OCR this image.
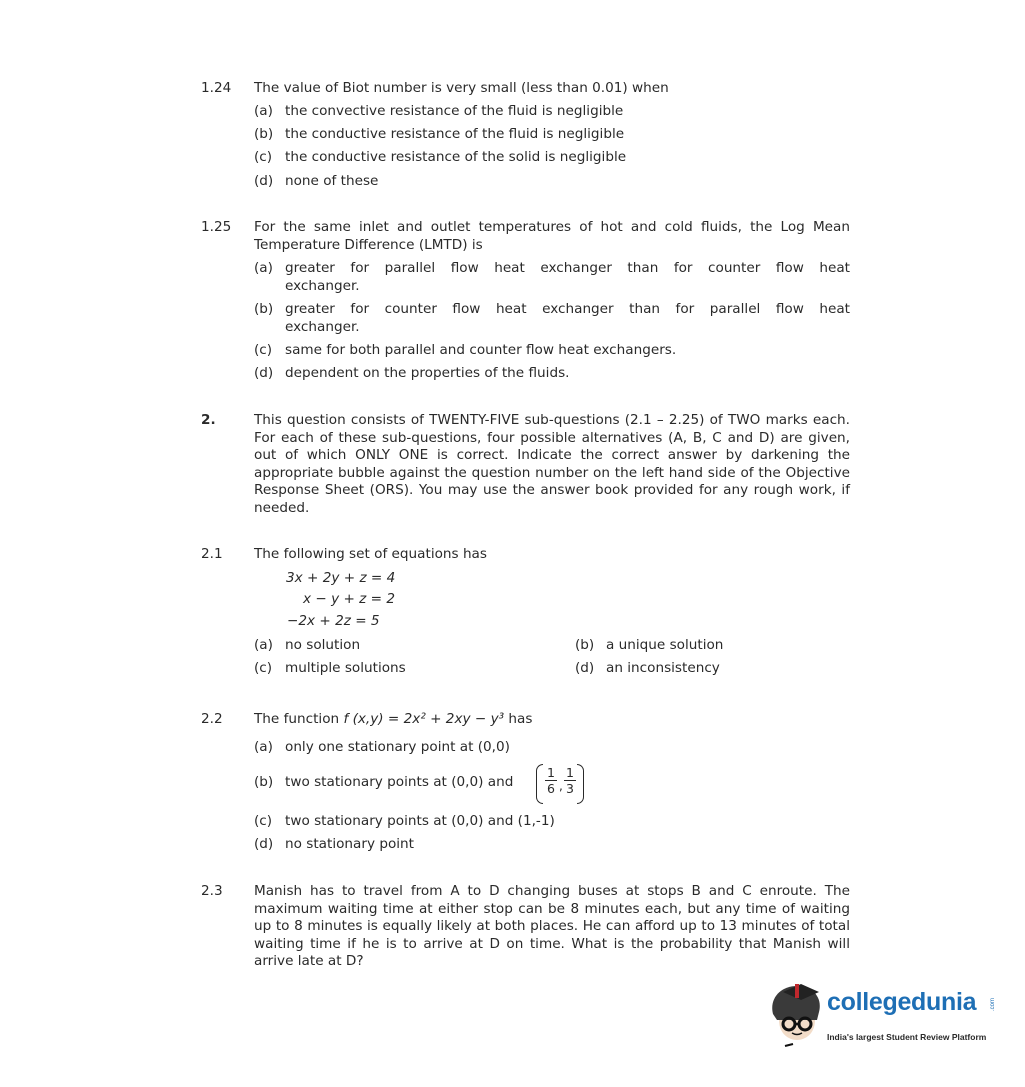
1.24 The value of Biot number is very small (less than 0.01) when
(a) the convective resistance of the fluid is negligible
(b) the conductive resistance of the fluid is negligible
(c) the conductive resistance of the solid is negligible
(d) none of these
1.25 For the same inlet and outlet temperatures of hot and cold fluids, the Log Mean Temperature Difference (LMTD) is
(a) greater for parallel flow heat exchanger than for counter flow heat
exchanger.
(b) greater for counter flow heat exchanger than for parallel flow heat
exchanger.
(c) same for both parallel and counter flow heat exchangers.
(d) dependent on the properties of the fluids.
2.	This question consists of TWENTY-FIVE sub-questions (2.1 – 2.25) of TWO marks each. For each of these sub-questions, four possible alternatives (A, B, C and D) are given, out of which ONLY ONE is correct. Indicate the correct answer by darkening the appropriate bubble against the question number on the left hand side of the Objective Response Sheet (ORS). You may use the answer book provided for any rough work, if needed.
2.1 The following set of equations has
3x + 2y + z = 4
x − y + z = 2
−2x + 2z = 5
(a) no solution	(b) a unique solution
(c) multiple solutions	(d) an inconsistency
2.2 The function f (x,y) = 2x² + 2xy − y³ has
(a) only one stationary point at (0,0)
(b) two stationary points at (0,0) and	$\frac{1}{6}$ , $\frac{1}{3}$
(c) two stationary points at (0,0) and (1,-1)
(d) no stationary point
2.3 Manish has to travel from A to D changing buses at stops B and C enroute. The maximum waiting time at either stop can be 8 minutes each, but any time of waiting up to 8 minutes is equally likely at both places. He can afford up to 13 minutes of total waiting time if he is to arrive at D on time. What is the probability that Manish will arrive late at D?
collegedunia	.com
India's largest Student Review Platform
